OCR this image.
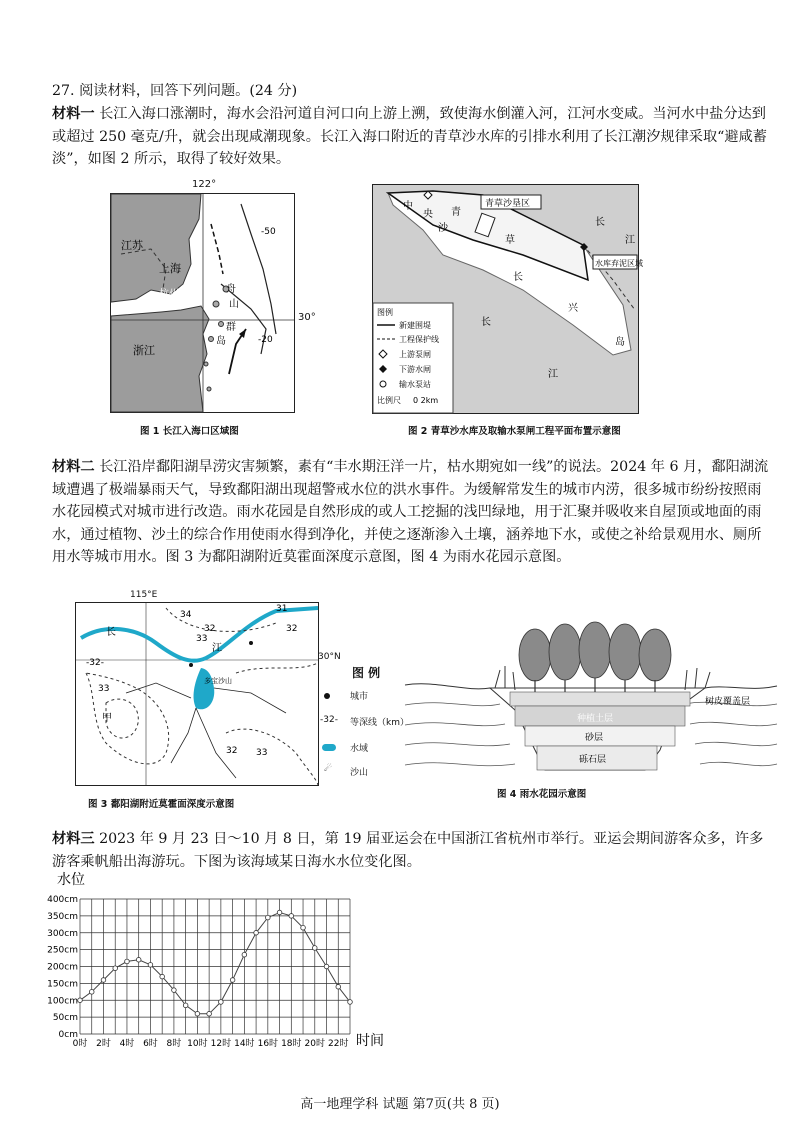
27. 阅读材料，回答下列问题。(24 分)
材料一 长江入海口涨潮时，海水会沿河道自河口向上游上溯，致使海水倒灌入河，江河水变咸。当河水中盐分达到或超过 250 毫克/升，就会出现咸潮现象。长江入海口附近的青草沙水库的引排水利用了长江潮汐规律采取“避咸蓄淡”，如图 2 所示，取得了较好效果。
江苏
上海
杭州湾
浙江
舟
山
群
岛
-50
-20
122°
30°
图 1 长江入海口区域图
青草沙垦区
水库弃泥区域
中
央 青
草
沙
长
兴
岛
长
江
长
江
图例
新建围堤
工程保护线
上游泵闸
下游水闸
输水泵站
比例尺 0 2km
图 2 青草沙水库及取输水泵闸工程平面布置示意图
材料二 长江沿岸鄱阳湖旱涝灾害频繁，素有“丰水期汪洋一片，枯水期宛如一线”的说法。2024 年 6 月，鄱阳湖流域遭遇了极端暴雨天气，导致鄱阳湖出现超警戒水位的洪水事件。为缓解常发生的城市内涝，很多城市纷纷按照雨水花园模式对城市进行改造。雨水花园是自然形成的或人工挖掘的浅凹绿地，用于汇聚并吸收来自屋顶或地面的雨水，通过植物、沙土的综合作用使雨水得到净化，并使之逐渐渗入土壤，涵养地下水，或使之补给景观用水、厕所用水等城市用水。图 3 为鄱阳湖附近莫霍面深度示意图，图 4 为雨水花园示意图。
长
江
甲
多宝沙山
34
31
32
33
32
-32-
33
32 33
115°E
30°N
图 例
城市
-32- 等深线（km）
水域
☄ 沙山
图 3 鄱阳湖附近莫霍面深度示意图
树皮覆盖层
种植土层
砂层
砾石层
图 4 雨水花园示意图
材料三 2023 年 9 月 23 日～10 月 8 日，第 19 届亚运会在中国浙江省杭州市举行。亚运会期间游客众多，许多游客乘帆船出海游玩。下图为该海域某日海水水位变化图。
水位
0cm
50cm
100cm
150cm
200cm
250cm
300cm
350cm
400cm
0时 2时 4时 6时 8时 10时 12时 14时 16时 18时 20时 22时 时间
高一地理学科 试题 第7页(共 8 页)
